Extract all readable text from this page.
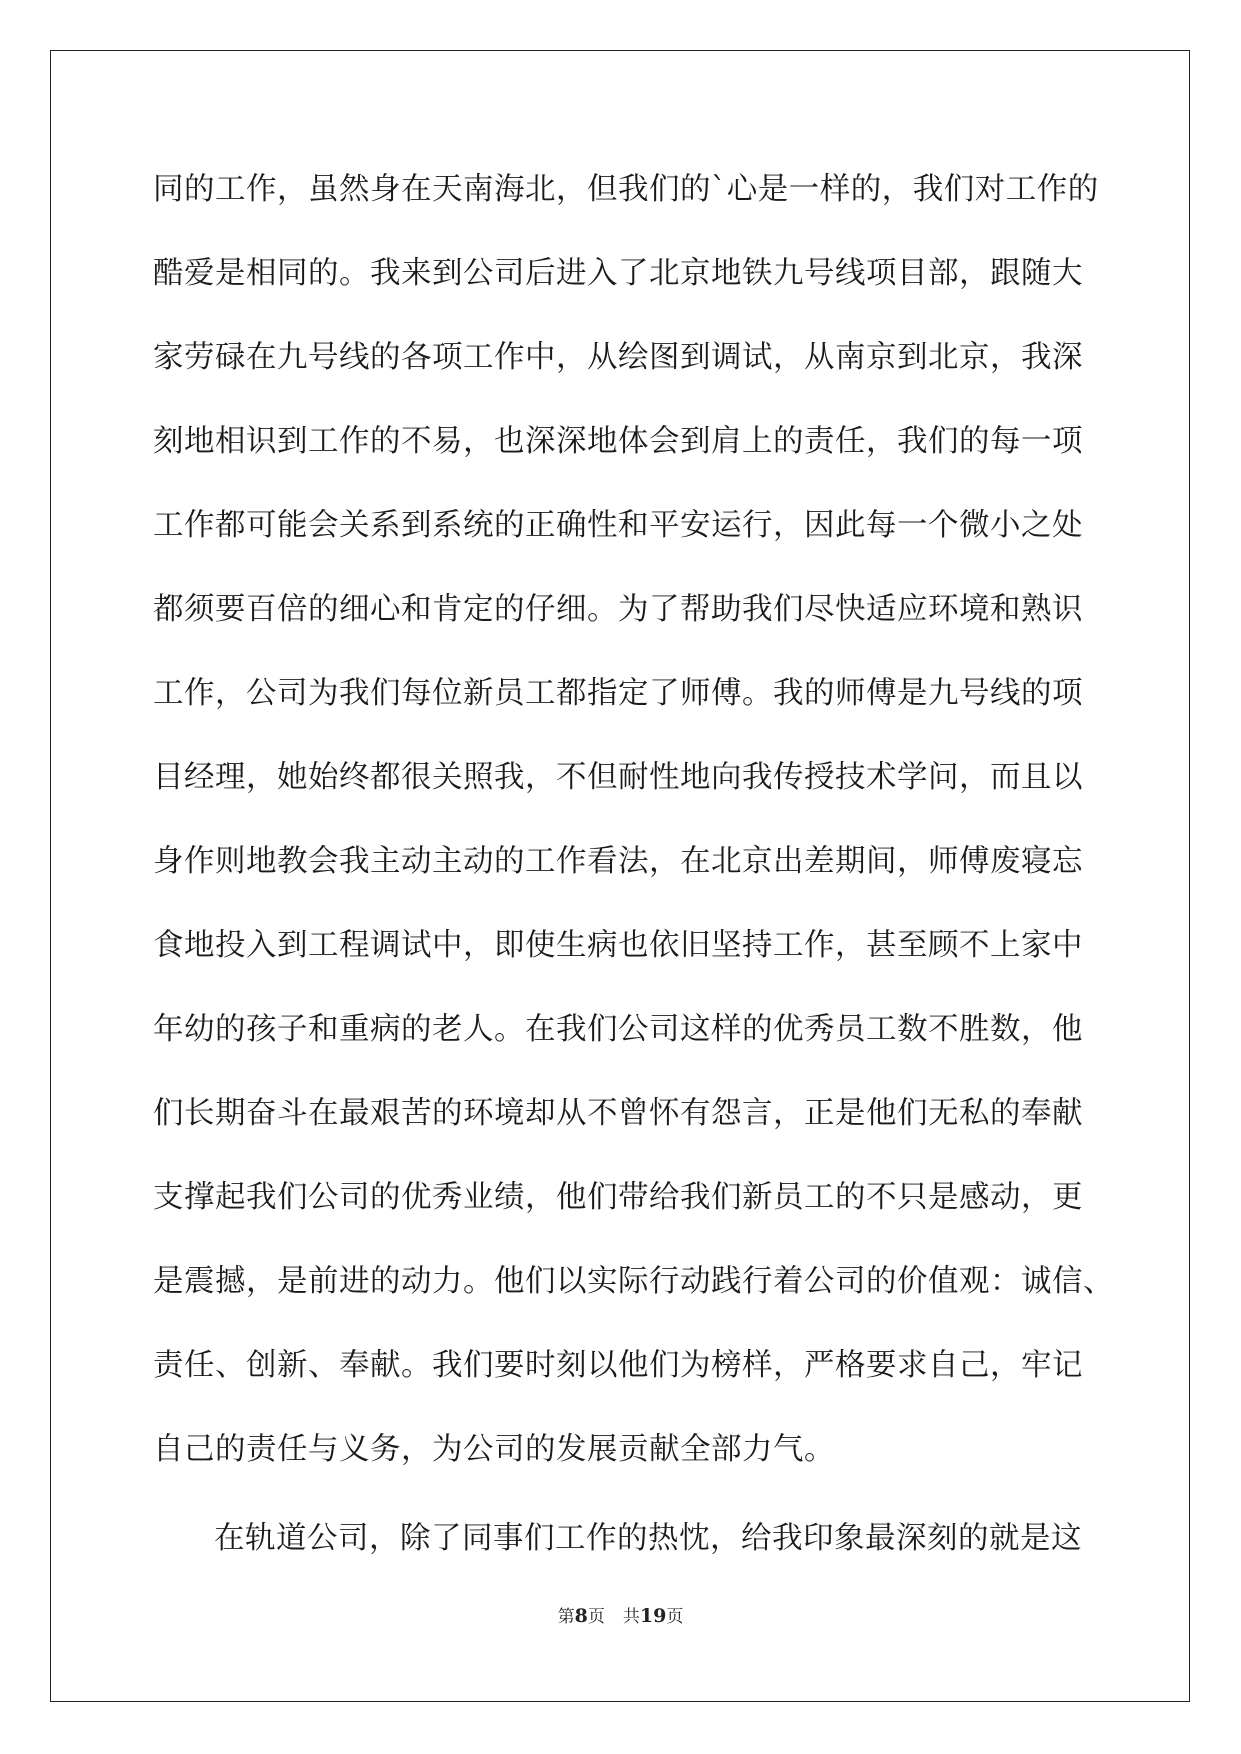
同的工作，虽然身在天南海北，但我们的`心是一样的，我们对工作的
酷爱是相同的。我来到公司后进入了北京地铁九号线项目部，跟随大
家劳碌在九号线的各项工作中，从绘图到调试，从南京到北京，我深
刻地相识到工作的不易，也深深地体会到肩上的责任，我们的每一项
工作都可能会关系到系统的正确性和平安运行，因此每一个微小之处
都须要百倍的细心和肯定的仔细。为了帮助我们尽快适应环境和熟识
工作，公司为我们每位新员工都指定了师傅。我的师傅是九号线的项
目经理，她始终都很关照我，不但耐性地向我传授技术学问，而且以
身作则地教会我主动主动的工作看法，在北京出差期间，师傅废寝忘
食地投入到工程调试中，即使生病也依旧坚持工作，甚至顾不上家中
年幼的孩子和重病的老人。在我们公司这样的优秀员工数不胜数，他
们长期奋斗在最艰苦的环境却从不曾怀有怨言，正是他们无私的奉献
支撑起我们公司的优秀业绩，他们带给我们新员工的不只是感动，更
是震撼，是前进的动力。他们以实际行动践行着公司的价值观：诚信、
责任、创新、奉献。我们要时刻以他们为榜样，严格要求自己，牢记
自己的责任与义务，为公司的发展贡献全部力气。
在轨道公司，除了同事们工作的热忱，给我印象最深刻的就是这
第8页 共19页
